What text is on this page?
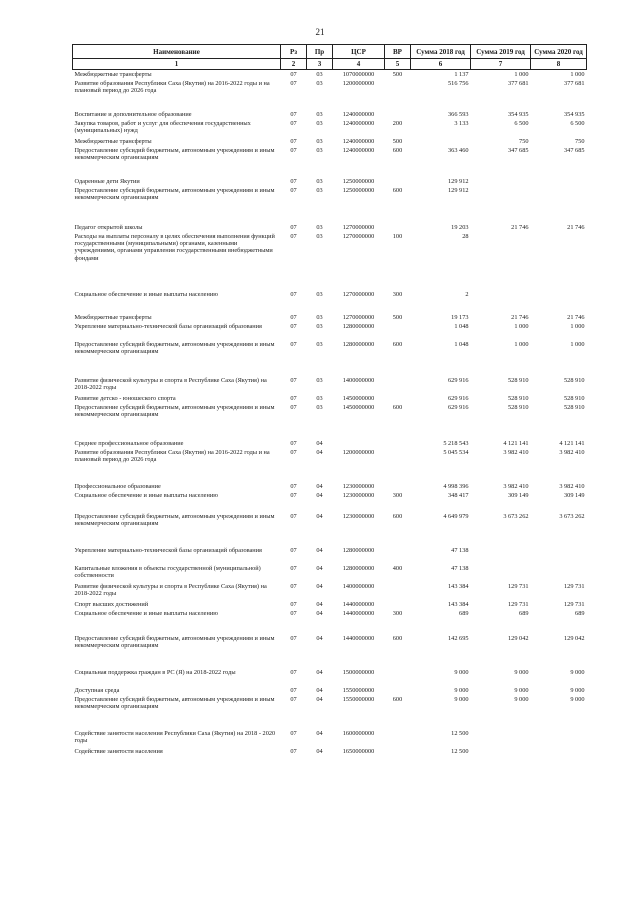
21
Наименование	Рз	Пр	ЦСР	ВР	Сумма 2018 год	Сумма 2019 год	Сумма 2020 год
1	2	3	4	5	6	7	8
Межбюджетные трансферты	07	03	1070000000	500	1 137	1 000	1 000
Развитие образования Республики Саха (Якутия) на 2016-2022 годы и на плановый период до 2026 года	07	03	1200000000		516 756	377 681	377 681

Воспитание и дополнительное образование	07	03	1240000000		366 593	354 935	354 935
Закупка товаров, работ и услуг для обеспечения государственных (муниципальных) нужд	07	03	1240000000	200	3 133	6 500	6 500
Межбюджетные трансферты	07	03	1240000000	500		750	750
Предоставление субсидий бюджетным, автономным учреждениям и иным некоммерческим организациям	07	03	1240000000	600	363 460	347 685	347 685

Одаренные дети Якутии	07	03	1250000000		129 912		
Предоставление субсидий бюджетным, автономным учреждениям и иным некоммерческим организациям	07	03	1250000000	600	129 912		

Педагог открытой школы	07	03	1270000000		19 203	21 746	21 746
Расходы на выплаты персоналу в целях обеспечения выполнения функций государственными (муниципальными) органами, казенными учреждениями, органами управления государственными внебюджетными фондами	07	03	1270000000	100	28		

Социальное обеспечение и иные выплаты населению	07	03	1270000000	300	2		

Межбюджетные трансферты	07	03	1270000000	500	19 173	21 746	21 746
Укрепление материально-технической базы организаций образования	07	03	1280000000		1 048	1 000	1 000
Предоставление субсидий бюджетным, автономным учреждениям и иным некоммерческим организациям	07	03	1280000000	600	1 048	1 000	1 000

Развитие физической культуры и спорта в Республике Саха (Якутия) на 2018-2022 годы	07	03	1400000000		629 916	528 910	528 910
Развитие детско - юношеского спорта	07	03	1450000000		629 916	528 910	528 910
Предоставление субсидий бюджетным, автономным учреждениям и иным некоммерческим организациям	07	03	1450000000	600	629 916	528 910	528 910

Среднее профессиональное образование	07	04			5 218 543	4 121 141	4 121 141
Развитие образования Республики Саха (Якутия) на 2016-2022 годы и на плановый период до 2026 года	07	04	1200000000		5 045 534	3 982 410	3 982 410

Профессиональное образование	07	04	1230000000		4 998 396	3 982 410	3 982 410
Социальное обеспечение и иные выплаты населению	07	04	1230000000	300	348 417	309 149	309 149

Предоставление субсидий бюджетным, автономным учреждениям и иным некоммерческим организациям	07	04	1230000000	600	4 649 979	3 673 262	3 673 262

Укрепление материально-технической базы организаций образования	07	04	1280000000		47 138		
Капитальные вложения в объекты государственной (муниципальной) собственности	07	04	1280000000	400	47 138		
Развитие физической культуры и спорта в Республике Саха (Якутия) на 2018-2022 годы	07	04	1400000000		143 384	129 731	129 731
Спорт высших достижений	07	04	1440000000		143 384	129 731	129 731
Социальное обеспечение и иные выплаты населению	07	04	1440000000	300	689	689	689

Предоставление субсидий бюджетным, автономным учреждениям и иным некоммерческим организациям	07	04	1440000000	600	142 695	129 042	129 042

Социальная поддержка граждан в РС (Я) на 2018-2022 годы	07	04	1500000000		9 000	9 000	9 000
Доступная среда	07	04	1550000000		9 000	9 000	9 000
Предоставление субсидий бюджетным, автономным учреждениям и иным некоммерческим организациям	07	04	1550000000	600	9 000	9 000	9 000

Содействие занятости населения Республики Саха (Якутия) на 2018 - 2020 годы	07	04	1600000000		12 500		
Содействие занятости населения	07	04	1650000000		12 500		
